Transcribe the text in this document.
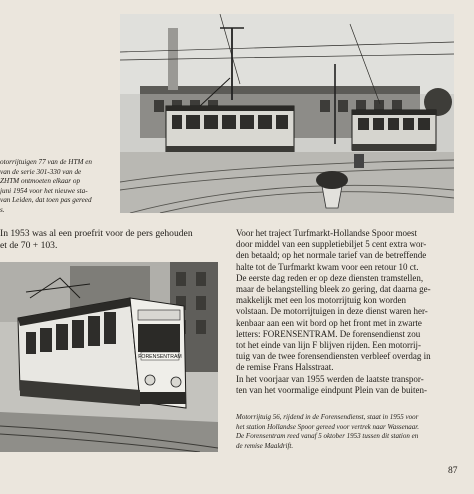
otorrijtuigen 77 van de HTM en
van de serie 301-330 van de
ZHTM ontmoeten elkaar op
juni 1954 voor het nieuwe sta-
van Leiden, dat toen pas gereed
s.
In 1953 was al een proefrit voor de pers gehouden
et de 70 + 103.
FORENSENTRAM
Voor het traject Turfmarkt-Hollandse Spoor moest
door middel van een suppletiebiljet 5 cent extra wor-
den betaald; op het normale tarief van de betreffende
halte tot de Turfmarkt kwam voor een retour 10 ct.
De eerste dag reden er op deze diensten tramstellen,
maar de belangstelling bleek zo gering, dat daarna ge-
makkelijk met een los motorrijtuig kon worden
volstaan. De motorrijtuigen in deze dienst waren her-
kenbaar aan een wit bord op het front met in zwarte
letters: FORENSENTRAM. De forensendienst zou
tot het einde van lijn F blijven rijden. Een motorrij-
tuig van de twee forensendiensten verbleef overdag in
de remise Frans Halsstraat.
In het voorjaar van 1955 werden de laatste transpor-
ten van het voormalige eindpunt Plein van de buiten-
Motorrijtuig 56, rijdend in de Forensendienst, staat in 1955 voor
het station Hollandse Spoor gereed voor vertrek naar Wassenaar.
De Forensentram reed vanaf 5 oktober 1953 tussen dit station en
de remise Maaldrift.
87
